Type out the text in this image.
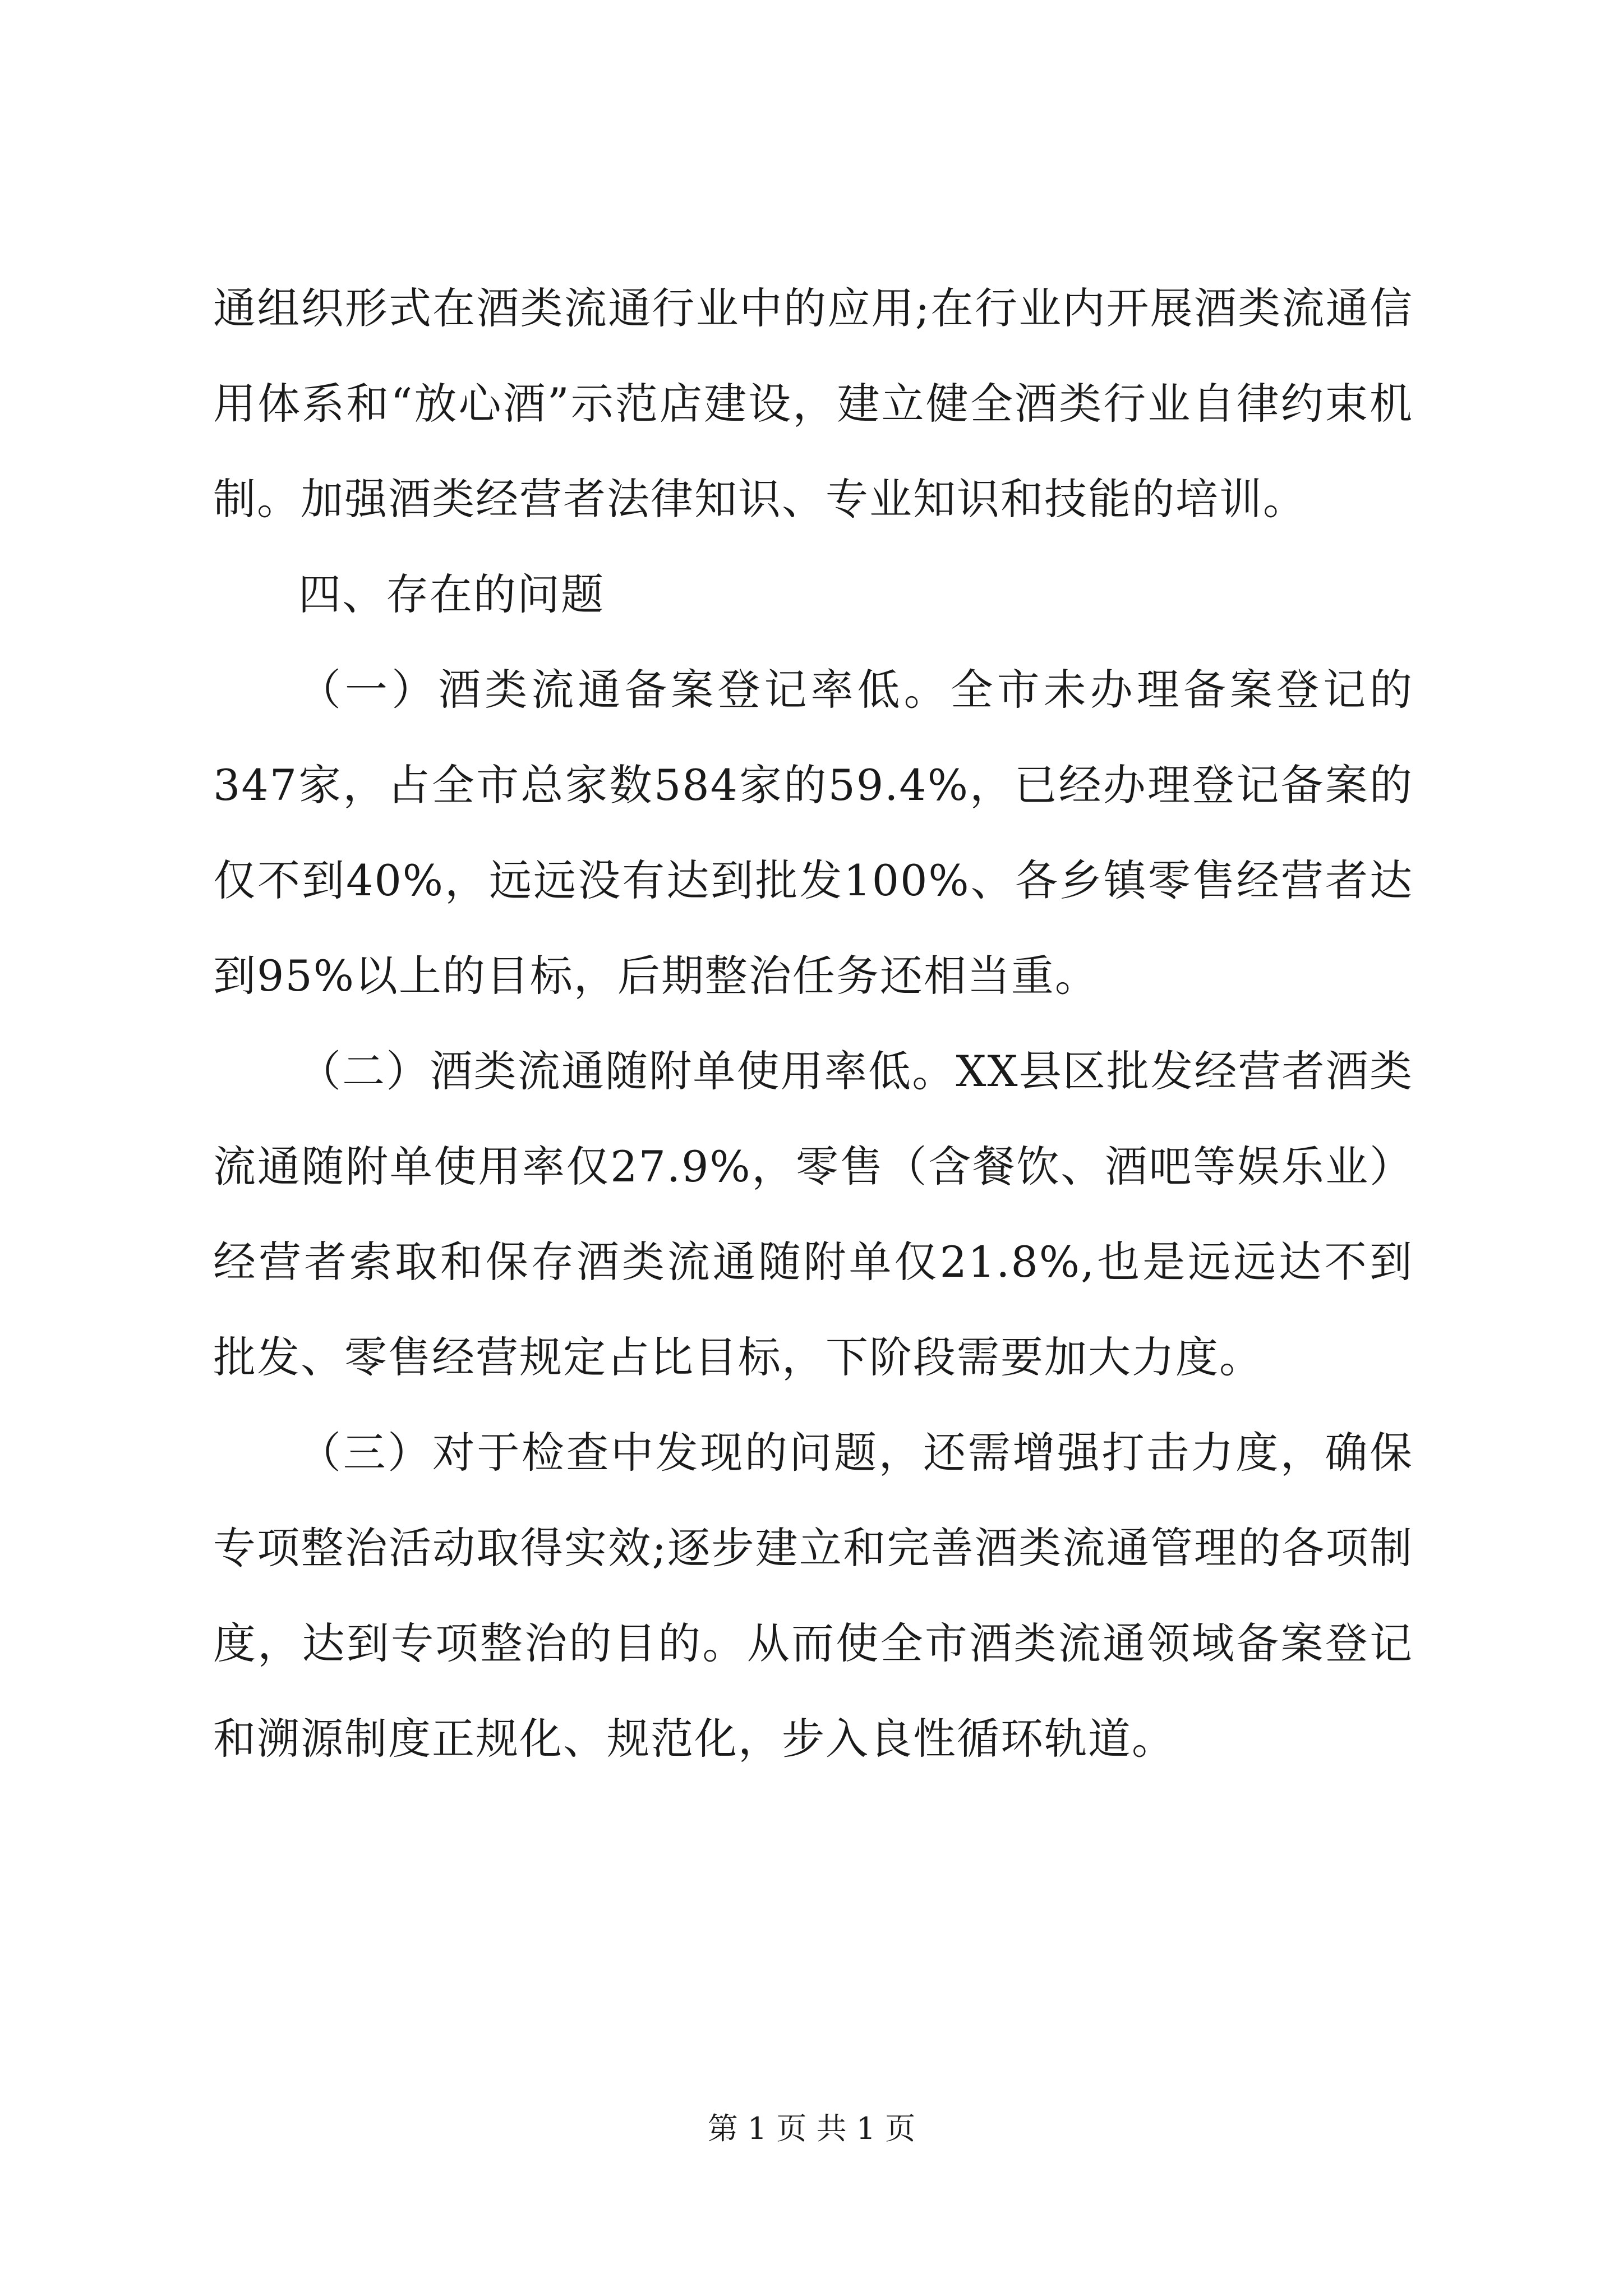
通组织形式在酒类流通行业中的应用;在行业内开展酒类流通信用体系和“放心酒”示范店建设，建立健全酒类行业自律约束机制。加强酒类经营者法律知识、专业知识和技能的培训。

四、存在的问题

（一）酒类流通备案登记率低。全市未办理备案登记的347家，占全市总家数584家的59.4%，已经办理登记备案的仅不到40%，远远没有达到批发100%、各乡镇零售经营者达到95%以上的目标，后期整治任务还相当重。

（二）酒类流通随附单使用率低。XX县区批发经营者酒类流通随附单使用率仅27.9%，零售（含餐饮、酒吧等娱乐业）经营者索取和保存酒类流通随附单仅21.8%,也是远远达不到批发、零售经营规定占比目标，下阶段需要加大力度。

（三）对于检查中发现的问题，还需增强打击力度，确保专项整治活动取得实效;逐步建立和完善酒类流通管理的各项制度，达到专项整治的目的。从而使全市酒类流通领域备案登记和溯源制度正规化、规范化，步入良性循环轨道。

第 1 页 共 1 页
